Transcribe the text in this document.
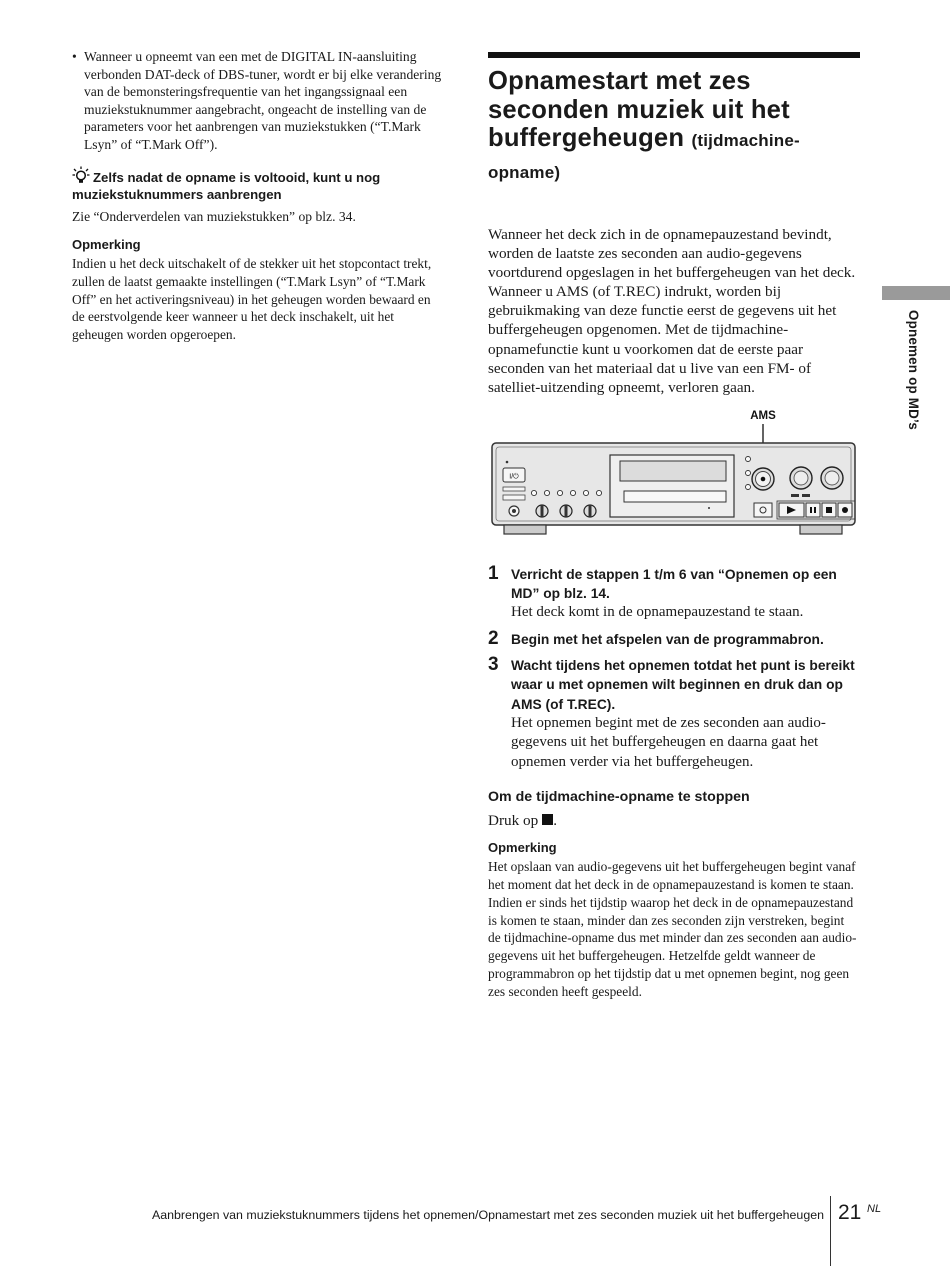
• Wanneer u opneemt van een met de DIGITAL IN-aansluiting verbonden DAT-deck of DBS-tuner, wordt er bij elke verandering van de bemonsteringsfrequentie van het ingangssignaal een muziekstuknummer aangebracht, ongeacht de instelling van de parameters voor het aanbrengen van muziekstukken (“T.Mark Lsyn” of “T.Mark Off”).
Zelfs nadat de opname is voltooid, kunt u nog muziekstuknummers aanbrengen
Zie “Onderverdelen van muziekstukken” op blz. 34.
Opmerking
Indien u het deck uitschakelt of de stekker uit het stopcontact trekt, zullen de laatst gemaakte instellingen (“T.Mark Lsyn” of “T.Mark Off” en het activeringsniveau) in het geheugen worden bewaard en de eerstvolgende keer wanneer u het deck inschakelt, uit het geheugen worden opgeroepen.
Opnamestart met zes seconden muziek uit het buffergeheugen (tijdmachine-opname)
Wanneer het deck zich in de opnamepauzestand bevindt, worden de laatste zes seconden aan audio-gegevens voortdurend opgeslagen in het buffergeheugen van het deck. Wanneer u AMS (of T.REC) indrukt, worden bij gebruikmaking van deze functie eerst de gegevens uit het buffergeheugen opgenomen. Met de tijdmachine-opnamefunctie kunt u voorkomen dat de eerste paar seconden van het materiaal dat u live van een FM- of satelliet-uitzending opneemt, verloren gaan.
AMS
I/⏻
1 Verricht de stappen 1 t/m 6 van “Opnemen op een MD” op blz. 14.
Het deck komt in de opnamepauzestand te staan.
2 Begin met het afspelen van de programmabron.
3 Wacht tijdens het opnemen totdat het punt is bereikt waar u met opnemen wilt beginnen en druk dan op AMS (of T.REC).
Het opnemen begint met de zes seconden aan audio-gegevens uit het buffergeheugen en daarna gaat het opnemen verder via het buffergeheugen.
Om de tijdmachine-opname te stoppen
Druk op .
Opmerking
Het opslaan van audio-gegevens uit het buffergeheugen begint vanaf het moment dat het deck in de opnamepauzestand is komen te staan. Indien er sinds het tijdstip waarop het deck in de opnamepauzestand is komen te staan, minder dan zes seconden zijn verstreken, begint de tijdmachine-opname dus met minder dan zes seconden aan audio-gegevens uit het buffergeheugen. Hetzelfde geldt wanneer de programmabron op het tijdstip dat u met opnemen begint, nog geen zes seconden heeft gespeeld.
Opnemen op MD’s
Aanbrengen van muziekstuknummers tijdens het opnemen/Opnamestart met zes seconden muziek uit het buffergeheugen 21 NL
